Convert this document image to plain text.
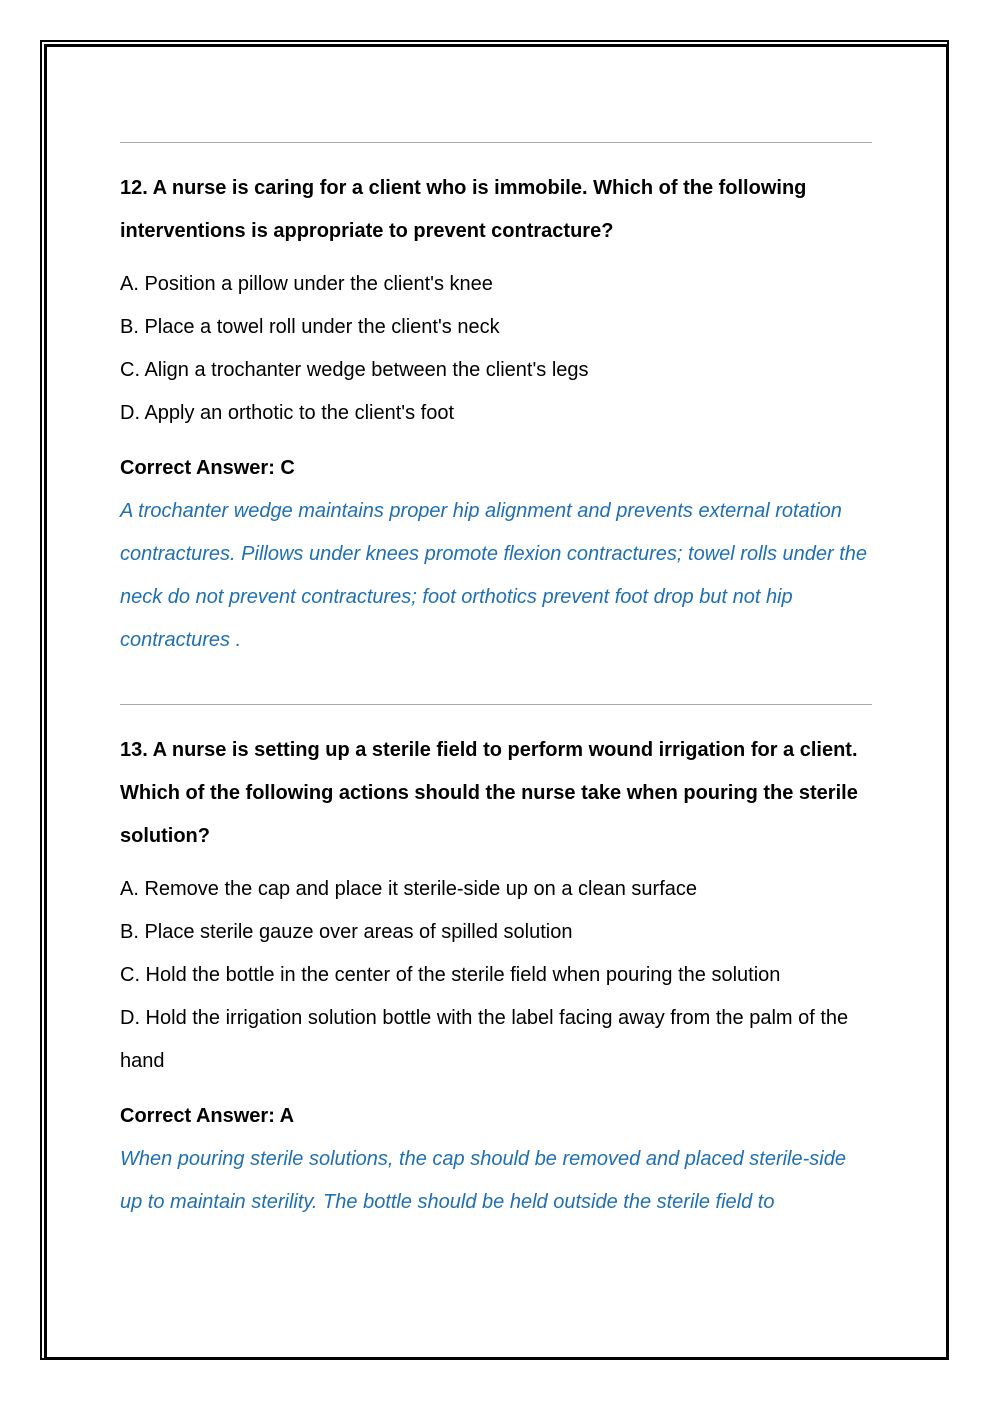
12. A nurse is caring for a client who is immobile. Which of the following interventions is appropriate to prevent contracture?
A. Position a pillow under the client's knee
B. Place a towel roll under the client's neck
C. Align a trochanter wedge between the client's legs
D. Apply an orthotic to the client's foot
Correct Answer: C
A trochanter wedge maintains proper hip alignment and prevents external rotation contractures. Pillows under knees promote flexion contractures; towel rolls under the neck do not prevent contractures; foot orthotics prevent foot drop but not hip contractures .
13. A nurse is setting up a sterile field to perform wound irrigation for a client. Which of the following actions should the nurse take when pouring the sterile solution?
A. Remove the cap and place it sterile-side up on a clean surface
B. Place sterile gauze over areas of spilled solution
C. Hold the bottle in the center of the sterile field when pouring the solution
D. Hold the irrigation solution bottle with the label facing away from the palm of the hand
Correct Answer: A
When pouring sterile solutions, the cap should be removed and placed sterile-side up to maintain sterility. The bottle should be held outside the sterile field to
